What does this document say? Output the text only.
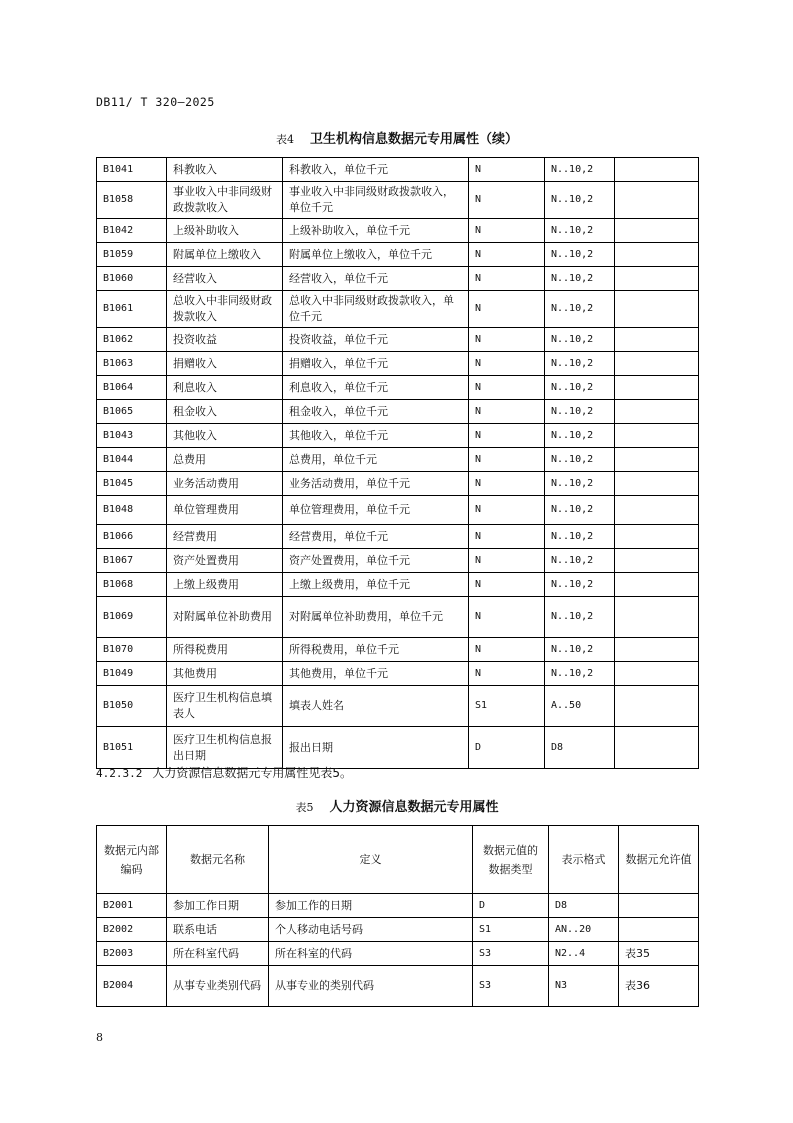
DB11/ T 320—2025
表4 卫生机构信息数据元专用属性（续）
B1041	科教收入	科教收入，单位千元	N	N..10,2	
B1058	事业收入中非同级财政拨款收入	事业收入中非同级财政拨款收入，单位千元	N	N..10,2	
B1042	上级补助收入	上级补助收入，单位千元	N	N..10,2	
B1059	附属单位上缴收入	附属单位上缴收入，单位千元	N	N..10,2	
B1060	经营收入	经营收入，单位千元	N	N..10,2	
B1061	总收入中非同级财政拨款收入	总收入中非同级财政拨款收入，单位千元	N	N..10,2	
B1062	投资收益	投资收益，单位千元	N	N..10,2	
B1063	捐赠收入	捐赠收入，单位千元	N	N..10,2	
B1064	利息收入	利息收入，单位千元	N	N..10,2	
B1065	租金收入	租金收入，单位千元	N	N..10,2	
B1043	其他收入	其他收入，单位千元	N	N..10,2	
B1044	总费用	总费用，单位千元	N	N..10,2	
B1045	业务活动费用	业务活动费用，单位千元	N	N..10,2	
B1048	单位管理费用	单位管理费用，单位千元	N	N..10,2	
B1066	经营费用	经营费用，单位千元	N	N..10,2	
B1067	资产处置费用	资产处置费用，单位千元	N	N..10,2	
B1068	上缴上级费用	上缴上级费用，单位千元	N	N..10,2	
B1069	对附属单位补助费用	对附属单位补助费用，单位千元	N	N..10,2	
B1070	所得税费用	所得税费用，单位千元	N	N..10,2	
B1049	其他费用	其他费用，单位千元	N	N..10,2	
B1050	医疗卫生机构信息填表人	填表人姓名	S1	A..50	
B1051	医疗卫生机构信息报出日期	报出日期	D	D8	
4.2.3.2 人力资源信息数据元专用属性见表5。
表5 人力资源信息数据元专用属性
数据元内部编码	数据元名称	定义	数据元值的数据类型	表示格式	数据元允许值
B2001	参加工作日期	参加工作的日期	D	D8	
B2002	联系电话	个人移动电话号码	S1	AN..20	
B2003	所在科室代码	所在科室的代码	S3	N2..4	表35
B2004	从事专业类别代码	从事专业的类别代码	S3	N3	表36
8
